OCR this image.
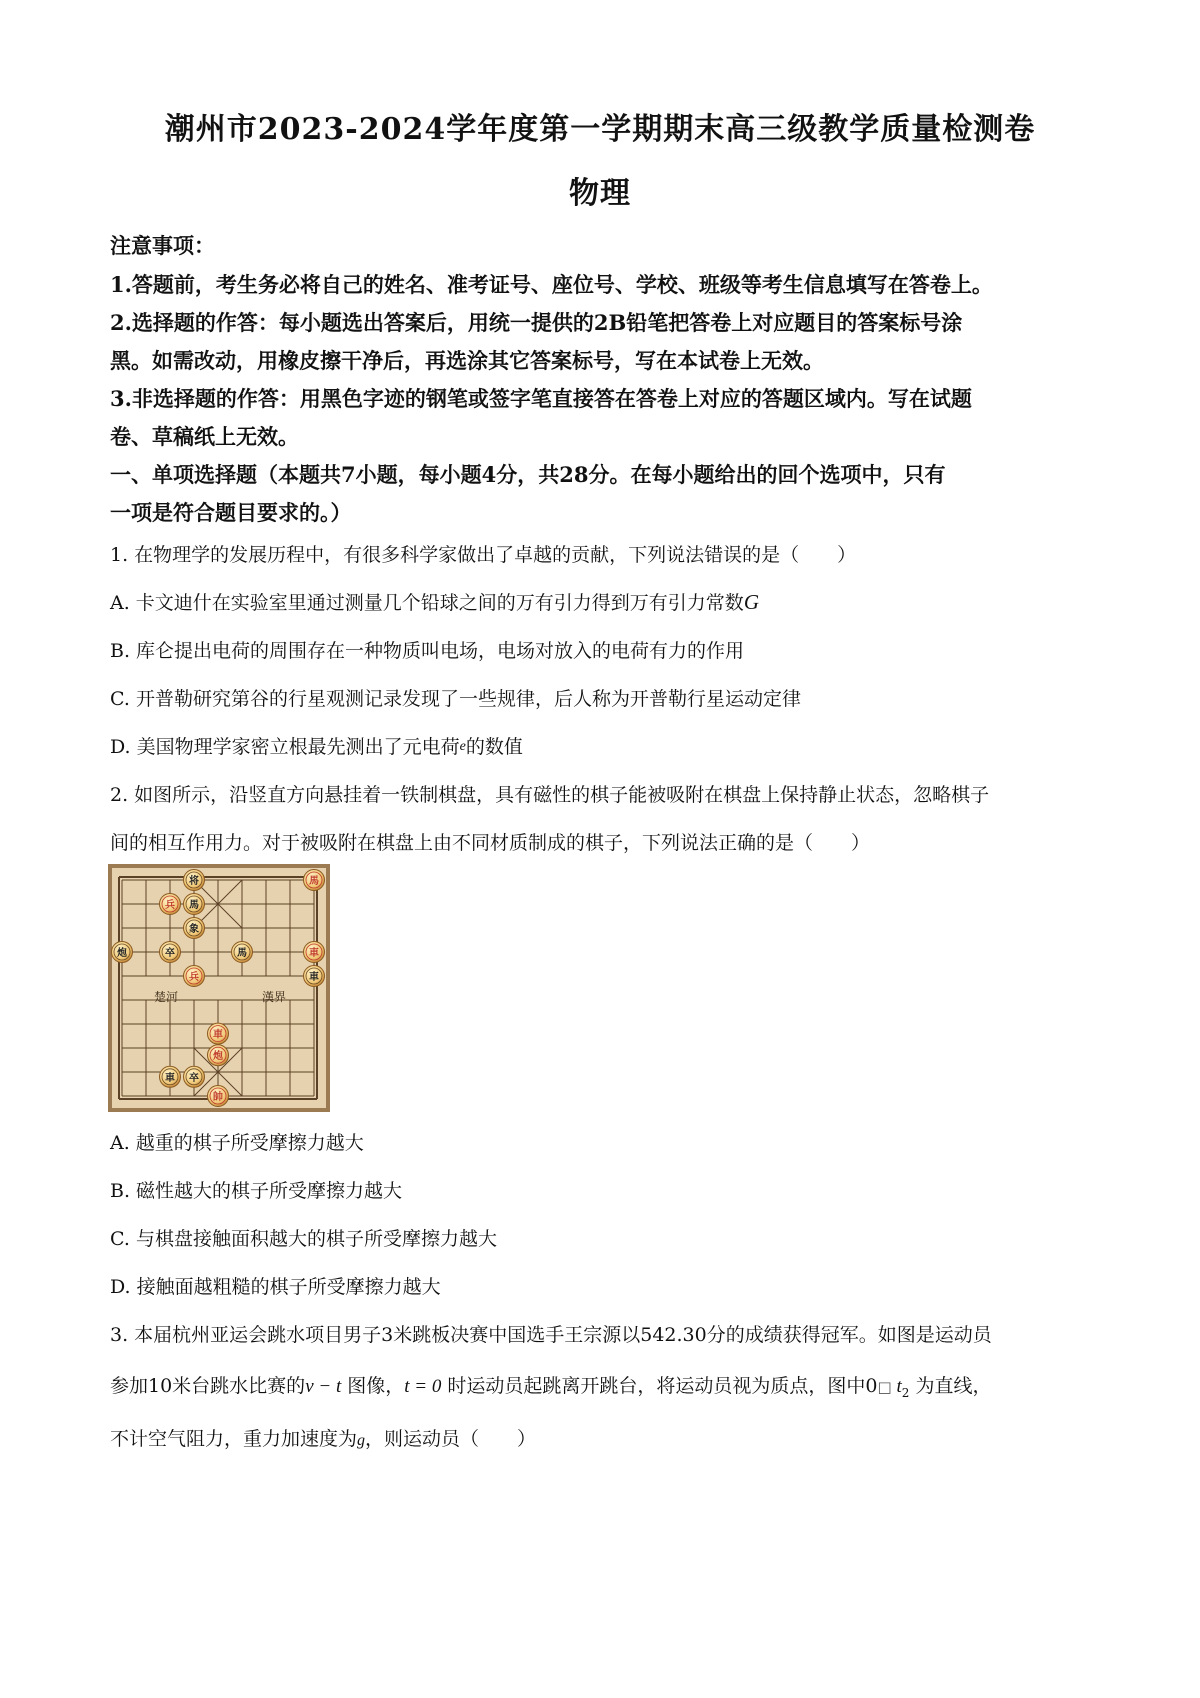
潮州市2023-2024学年度第一学期期末高三级教学质量检测卷
物理
注意事项：
1.答题前，考生务必将自己的姓名、准考证号、座位号、学校、班级等考生信息填写在答卷上。
2.选择题的作答：每小题选出答案后，用统一提供的2B铅笔把答卷上对应题目的答案标号涂
黑。如需改动，用橡皮擦干净后，再选涂其它答案标号，写在本试卷上无效。
3.非选择题的作答：用黑色字迹的钢笔或签字笔直接答在答卷上对应的答题区域内。写在试题
卷、草稿纸上无效。
一、单项选择题（本题共7小题，每小题4分，共28分。在每小题给出的回个选项中，只有
一项是符合题目要求的。）
1. 在物理学的发展历程中，有很多科学家做出了卓越的贡献，下列说法错误的是（　　）
A. 卡文迪什在实验室里通过测量几个铅球之间的万有引力得到万有引力常数G
B. 库仑提出电荷的周围存在一种物质叫电场，电场对放入的电荷有力的作用
C. 开普勒研究第谷的行星观测记录发现了一些规律，后人称为开普勒行星运动定律
D. 美国物理学家密立根最先测出了元电荷e的数值
2. 如图所示，沿竖直方向悬挂着一铁制棋盘，具有磁性的棋子能被吸附在棋盘上保持静止状态，忽略棋子
间的相互作用力。对于被吸附在棋盘上由不同材质制成的棋子，下列说法正确的是（　　）
楚河	漢界
将	馬
兵 馬
象
炮	卒	馬	車
兵	車
車
炮
車 卒
帥
A. 越重的棋子所受摩擦力越大
B. 磁性越大的棋子所受摩擦力越大
C. 与棋盘接触面积越大的棋子所受摩擦力越大
D. 接触面越粗糙的棋子所受摩擦力越大
3. 本届杭州亚运会跳水项目男子3米跳板决赛中国选手王宗源以542.30分的成绩获得冠军。如图是运动员
参加10米台跳水比赛的v − t 图像，t = 0 时运动员起跳离开跳台，将运动员视为质点，图中0□ $t_2$ 为直线，
不计空气阻力，重力加速度为g，则运动员（　　）
